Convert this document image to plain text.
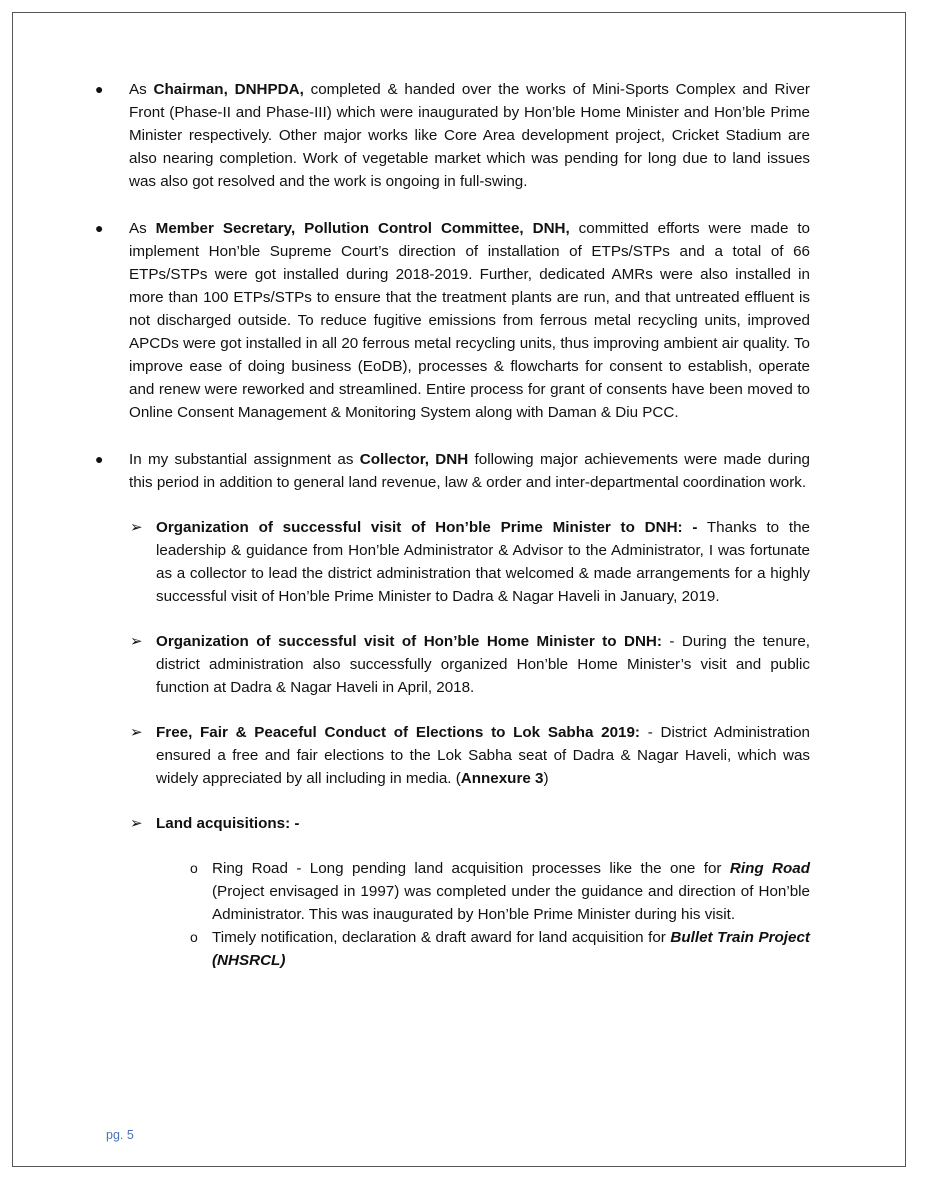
● As Chairman, DNHPDA, completed & handed over the works of Mini-Sports Complex and River Front (Phase-II and Phase-III) which were inaugurated by Hon’ble Home Minister and Hon’ble Prime Minister respectively. Other major works like Core Area development project, Cricket Stadium are also nearing completion. Work of vegetable market which was pending for long due to land issues was also got resolved and the work is ongoing in full-swing.
● As Member Secretary, Pollution Control Committee, DNH, committed efforts were made to implement Hon’ble Supreme Court’s direction of installation of ETPs/STPs and a total of 66 ETPs/STPs were got installed during 2018-2019. Further, dedicated AMRs were also installed in more than 100 ETPs/STPs to ensure that the treatment plants are run, and that untreated effluent is not discharged outside. To reduce fugitive emissions from ferrous metal recycling units, improved APCDs were got installed in all 20 ferrous metal recycling units, thus improving ambient air quality. To improve ease of doing business (EoDB), processes & flowcharts for consent to establish, operate and renew were reworked and streamlined. Entire process for grant of consents have been moved to Online Consent Management & Monitoring System along with Daman & Diu PCC.
● In my substantial assignment as Collector, DNH following major achievements were made during this period in addition to general land revenue, law & order and inter-departmental coordination work.
➢ Organization of successful visit of Hon’ble Prime Minister to DNH: - Thanks to the leadership & guidance from Hon’ble Administrator & Advisor to the Administrator, I was fortunate as a collector to lead the district administration that welcomed & made arrangements for a highly successful visit of Hon’ble Prime Minister to Dadra & Nagar Haveli in January, 2019.
➢ Organization of successful visit of Hon’ble Home Minister to DNH: - During the tenure, district administration also successfully organized Hon’ble Home Minister’s visit and public function at Dadra & Nagar Haveli in April, 2018.
➢ Free, Fair & Peaceful Conduct of Elections to Lok Sabha 2019: - District Administration ensured a free and fair elections to the Lok Sabha seat of Dadra & Nagar Haveli, which was widely appreciated by all including in media. (Annexure 3)
➢ Land acquisitions: -
o Ring Road - Long pending land acquisition processes like the one for Ring Road (Project envisaged in 1997) was completed under the guidance and direction of Hon’ble Administrator. This was inaugurated by Hon’ble Prime Minister during his visit.
o Timely notification, declaration & draft award for land acquisition for Bullet Train Project (NHSRCL)
pg. 5
